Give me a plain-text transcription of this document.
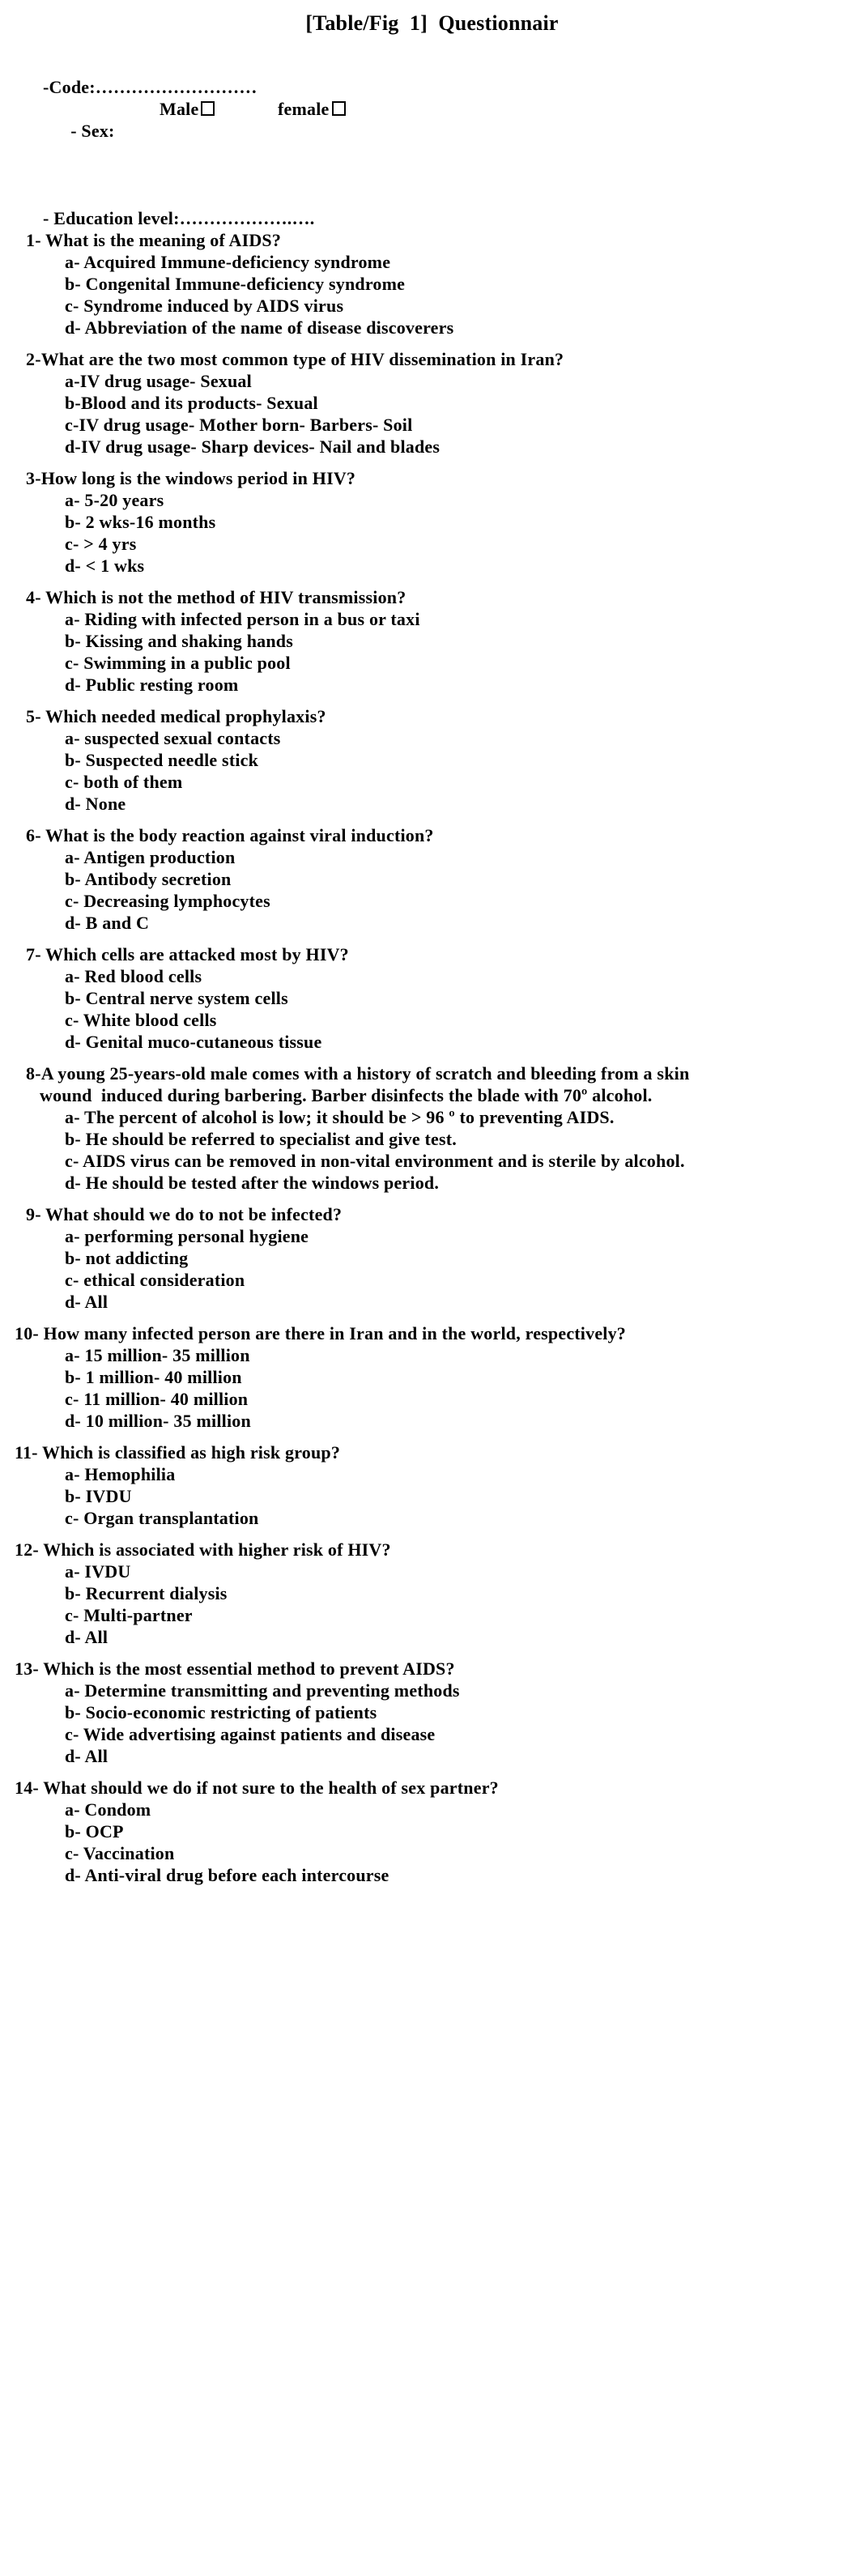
[Table/Fig  1]  Questionnair
-Code:………………………

- Sex:

Male

	female

- Education level:……………….….
1- What is the meaning of AIDS?
a- Acquired Immune-deficiency syndrome
b- Congenital Immune-deficiency syndrome
c- Syndrome induced by AIDS virus
d- Abbreviation of the name of disease discoverers
2-What are the two most common type of HIV dissemination in Iran?
a-IV drug usage- Sexual
b-Blood and its products- Sexual
c-IV drug usage- Mother born- Barbers- Soil
d-IV drug usage- Sharp devices- Nail and blades
3-How long is the windows period in HIV?
a- 5-20 years
b- 2 wks-16 months
c- > 4 yrs
d- < 1 wks
4- Which is not the method of HIV transmission?
a- Riding with infected person in a bus or taxi
b- Kissing and shaking hands
c- Swimming in a public pool
d- Public resting room
5- Which needed medical prophylaxis?
a- suspected sexual contacts
b- Suspected needle stick
c- both of them
d- None
6- What is the body reaction against viral induction?
a- Antigen production
b- Antibody secretion
c- Decreasing lymphocytes
d- B and C
7- Which cells are attacked most by HIV?
a- Red blood cells
b- Central nerve system cells
c- White blood cells
d- Genital muco-cutaneous tissue
8-A young 25-years-old male comes with a history of scratch and bleeding from a skin
wound  induced during barbering. Barber disinfects the blade with 70º alcohol.
a- The percent of alcohol is low; it should be > 96 º to preventing AIDS.
b- He should be referred to specialist and give test.
c- AIDS virus can be removed in non-vital environment and is sterile by alcohol.
d- He should be tested after the windows period.
9- What should we do to not be infected?
a- performing personal hygiene
b- not addicting
c- ethical consideration
d- All
10- How many infected person are there in Iran and in the world, respectively?
a- 15 million- 35 million
b- 1 million- 40 million
c- 11 million- 40 million
d- 10 million- 35 million
11- Which is classified as high risk group?
a- Hemophilia
b- IVDU
c- Organ transplantation
12- Which is associated with higher risk of HIV?
a- IVDU
b- Recurrent dialysis
c- Multi-partner
d- All
13- Which is the most essential method to prevent AIDS?
a- Determine transmitting and preventing methods
b- Socio-economic restricting of patients
c- Wide advertising against patients and disease
d- All
14- What should we do if not sure to the health of sex partner?
a- Condom
b- OCP
c- Vaccination
d- Anti-viral drug before each intercourse
